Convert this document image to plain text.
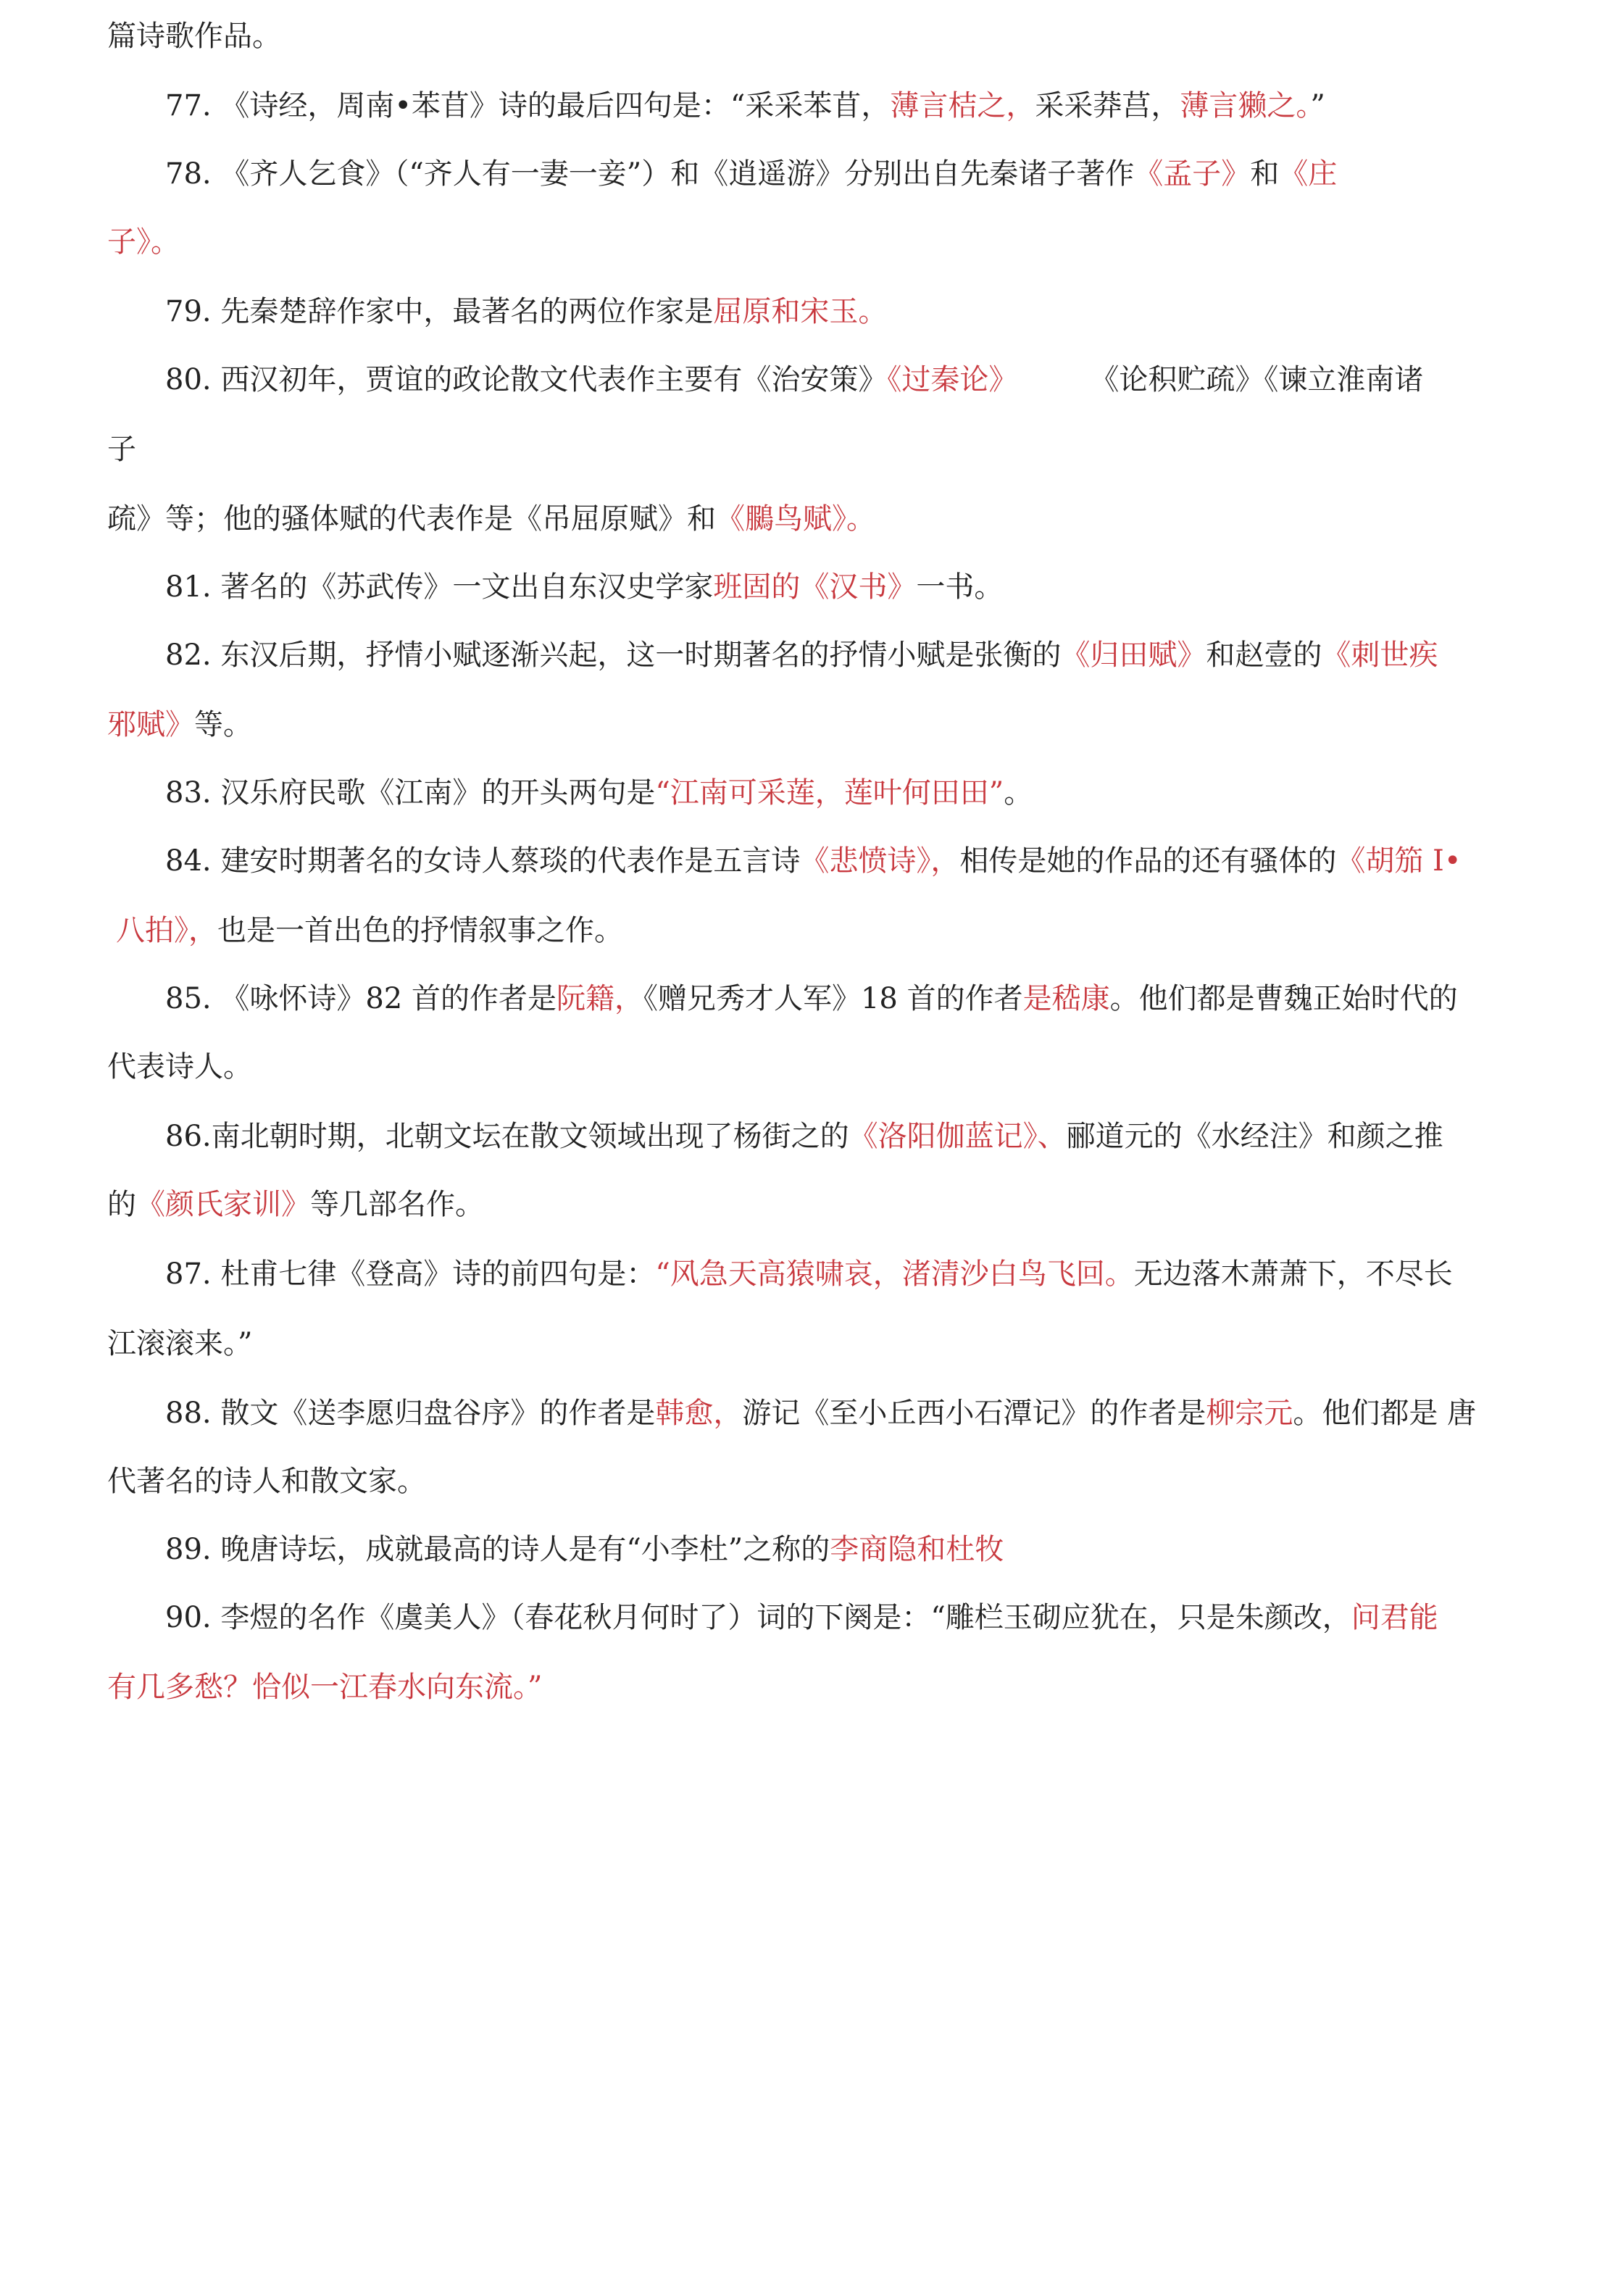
篇诗歌作品。
77. 《诗经，周南•苯苜》诗的最后四句是：“采采苯苜，薄言桔之，采采莽莒，薄言獭之。”
78. 《齐人乞食》（“齐人有一妻一妾”）和《逍遥游》分别出自先秦诸子著作《孟子》和《庄
子》。
79. 先秦楚辞作家中，最著名的两位作家是屈原和宋玉。
80. 西汉初年，贾谊的政论散文代表作主要有《治安策》《过秦论》	《论积贮疏》《谏立淮南诸
子
疏》等；他的骚体赋的代表作是《吊屈原赋》和《鵩鸟赋》。
81. 著名的《苏武传》一文出自东汉史学家班固的《汉书》一书。
82. 东汉后期，抒情小赋逐渐兴起，这一时期著名的抒情小赋是张衡的《归田赋》和赵壹的《刺世疾
邪赋》等。
83. 汉乐府民歌《江南》的开头两句是“江南可采莲，莲叶何田田”。
84. 建安时期著名的女诗人蔡琰的代表作是五言诗《悲愤诗》，相传是她的作品的还有骚体的《胡笳 I•
八拍》，也是一首出色的抒情叙事之作。
85. 《咏怀诗》82 首的作者是阮籍，《赠兄秀才人军》18 首的作者是嵇康。他们都是曹魏正始时代的
代表诗人。
86.南北朝时期，北朝文坛在散文领域出现了杨街之的《洛阳伽蓝记》、郦道元的《水经注》和颜之推
的《颜氏家训》等几部名作。
87. 杜甫七律《登高》诗的前四句是：“风急天高猿啸哀，渚清沙白鸟飞回。无边落木萧萧下，不尽长
江滚滚来。”
88. 散文《送李愿归盘谷序》的作者是韩愈，游记《至小丘西小石潭记》的作者是柳宗元。他们都是 唐
代著名的诗人和散文家。
89. 晚唐诗坛，成就最高的诗人是有“小李杜”之称的李商隐和杜牧
90. 李煜的名作《虞美人》（春花秋月何时了）词的下阕是：“雕栏玉砌应犹在，只是朱颜改，问君能
有几多愁？恰似一江春水向东流。”
